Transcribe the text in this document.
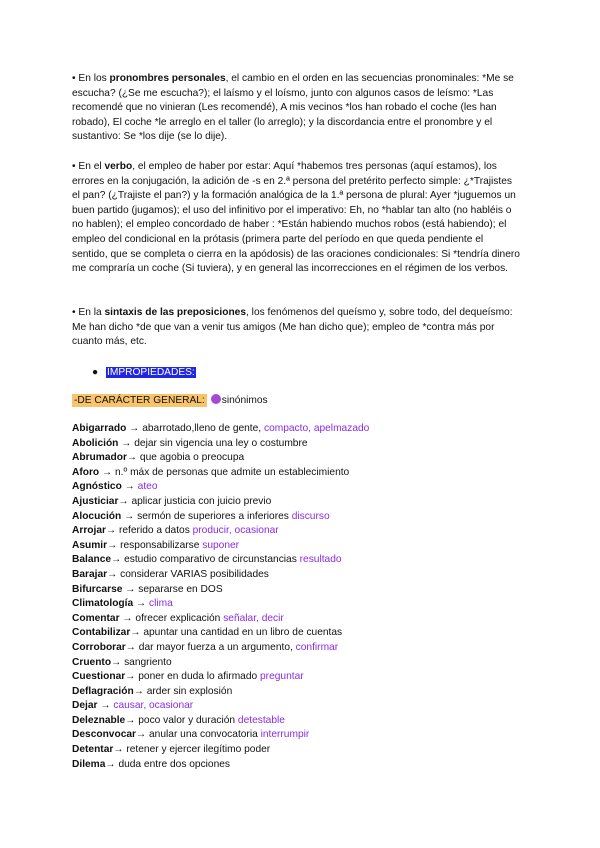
• En los pronombres personales, el cambio en el orden en las secuencias pronominales: *Me se escucha? (¿Se me escucha?); el laísmo y el loísmo, junto con algunos casos de leísmo: *Las recomendé que no vinieran (Les recomendé), A mis vecinos *los han robado el coche (les han robado), El coche *le arreglo en el taller (lo arreglo); y la discordancia entre el pronombre y el sustantivo: Se *los dije (se lo dije).
• En el verbo, el empleo de haber por estar: Aquí *habemos tres personas (aquí estamos), los errores en la conjugación, la adición de -s en 2.ª persona del pretérito perfecto simple: ¿*Trajistes el pan? (¿Trajiste el pan?) y la formación analógica de la 1.ª persona de plural: Ayer *juguemos un buen partido (jugamos); el uso del infinitivo por el imperativo: Eh, no *hablar tan alto (no habléis o no hablen); el empleo concordado de haber : *Están habiendo muchos robos (está habiendo); el empleo del condicional en la prótasis (primera parte del período en que queda pendiente el sentido, que se completa o cierra en la apódosis) de las oraciones condicionales: Si *tendría dinero me compraría un coche (Si tuviera), y en general las incorrecciones en el régimen de los verbos.
• En la sintaxis de las preposiciones, los fenómenos del queísmo y, sobre todo, del dequeísmo: Me han dicho *de que van a venir tus amigos (Me han dicho que); empleo de *contra más por cuanto más, etc.
● IMPROPIEDADES:
-DE CARÁCTER GENERAL: sinónimos
Abigarrado → abarrotado,lleno de gente, compacto, apelmazado
Abolición → dejar sin vigencia una ley o costumbre
Abrumador→ que agobia o preocupa
Aforo → n.º máx de personas que admite un establecimiento
Agnóstico → ateo
Ajusticiar→ aplicar justicia con juicio previo
Alocución → sermón de superiores a inferiores discurso
Arrojar→ referido a datos producir, ocasionar
Asumir→ responsabilizarse suponer
Balance→ estudio comparativo de circunstancias resultado
Barajar→ considerar VARIAS posibilidades
Bifurcarse → separarse en DOS
Climatología → clima
Comentar → ofrecer explicación señalar, decir
Contabilizar→ apuntar una cantidad en un libro de cuentas
Corroborar→ dar mayor fuerza a un argumento, confirmar
Cruento→ sangriento
Cuestionar→ poner en duda lo afirmado preguntar
Deflagración→ arder sin explosión
Dejar → causar, ocasionar
Deleznable→ poco valor y duración detestable
Desconvocar→ anular una convocatoria interrumpir
Detentar→ retener y ejercer ilegítimo poder
Dilema→ duda entre dos opciones
